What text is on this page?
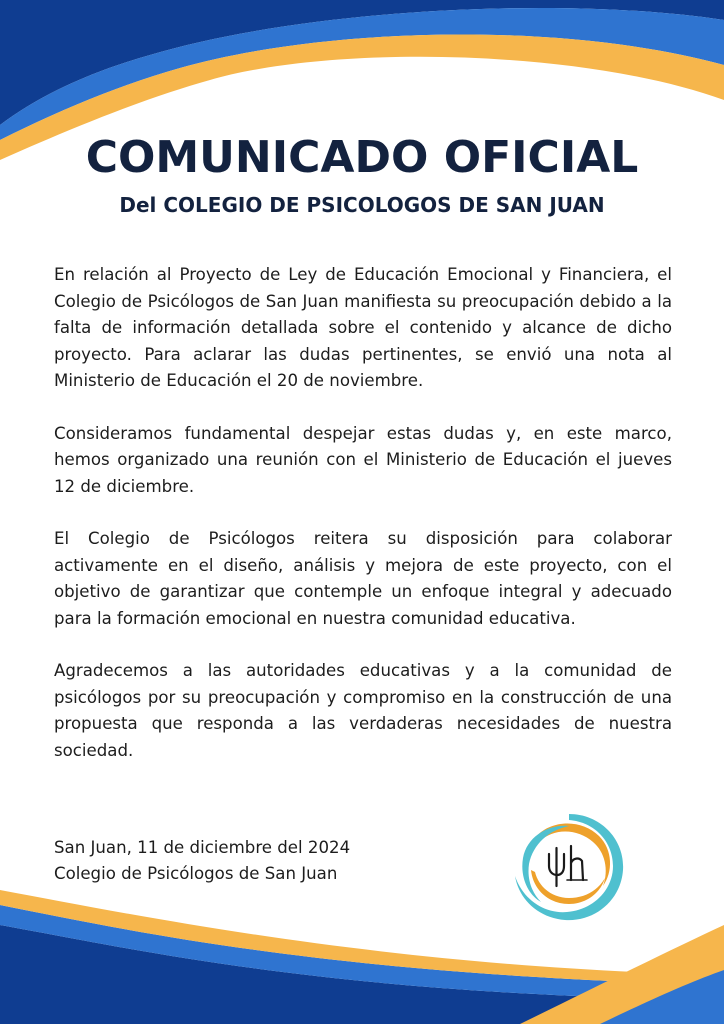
COMUNICADO OFICIAL
Del COLEGIO DE PSICOLOGOS DE SAN JUAN

En relación al Proyecto de Ley de Educación Emocional y Financiera, el Colegio de Psicólogos de San Juan manifiesta su preocupación debido a la falta de información detallada sobre el contenido y alcance de dicho proyecto. Para aclarar las dudas pertinentes, se envió una nota al Ministerio de Educación el 20 de noviembre.

Consideramos fundamental despejar estas dudas y, en este marco, hemos organizado una reunión con el Ministerio de Educación el jueves 12 de diciembre.

El Colegio de Psicólogos reitera su disposición para colaborar activamente en el diseño, análisis y mejora de este proyecto, con el objetivo de garantizar que contemple un enfoque integral y adecuado para la formación emocional en nuestra comunidad educativa.

Agradecemos a las autoridades educativas y a la comunidad de psicólogos por su preocupación y compromiso en la construcción de una propuesta que responda a las verdaderas necesidades de nuestra sociedad.

San Juan, 11 de diciembre del 2024
Colegio de Psicólogos de San Juan
